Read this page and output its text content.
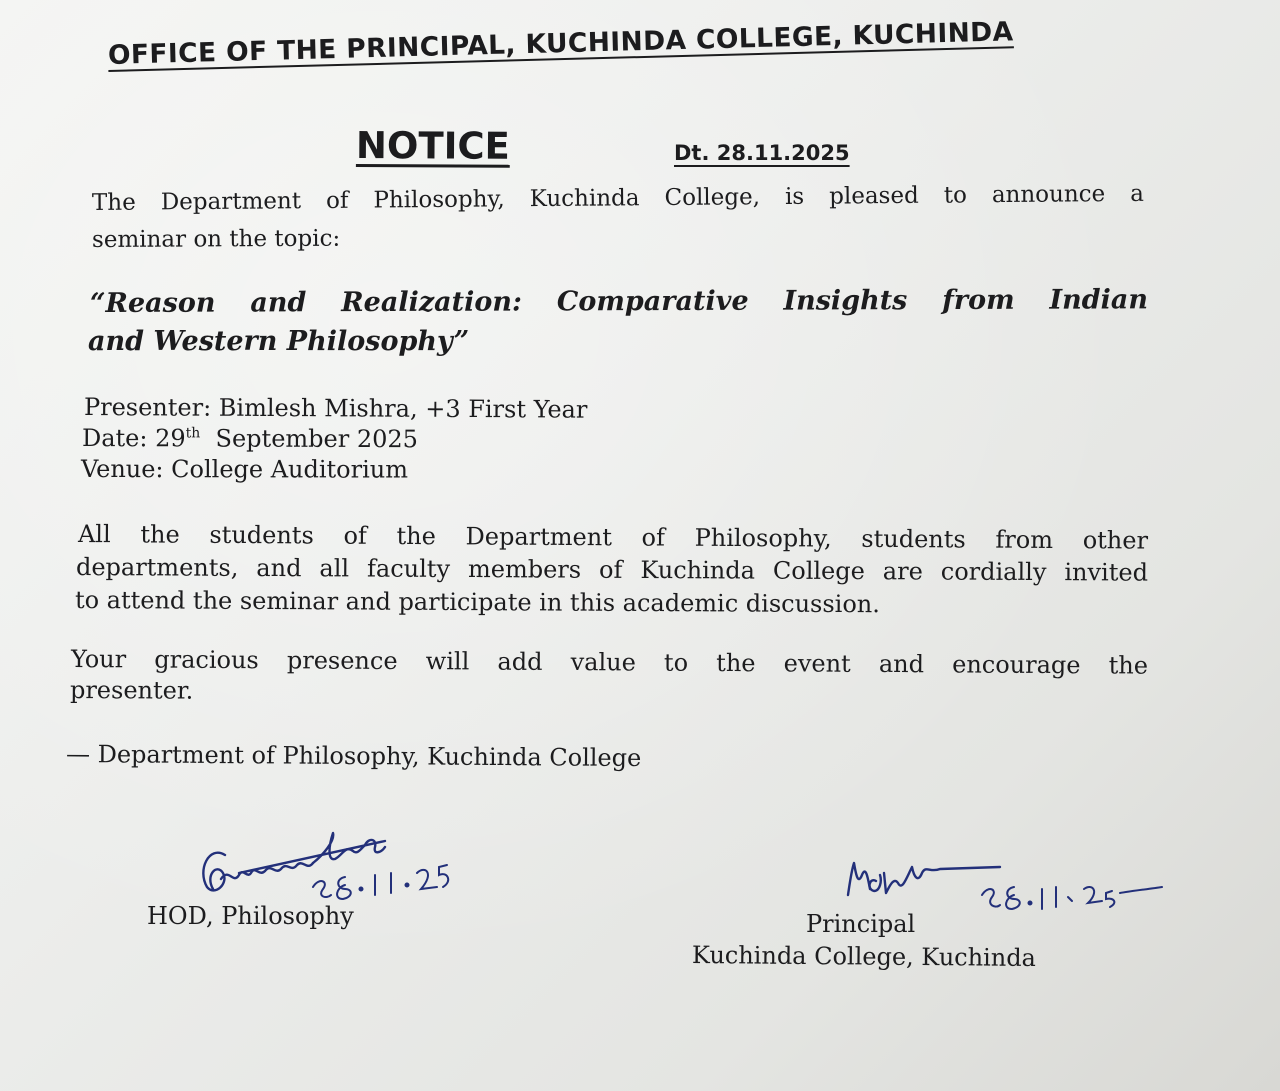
OFFICE OF THE PRINCIPAL, KUCHINDA COLLEGE, KUCHINDA
NOTICE	Dt. 28.11.2025
The Department of Philosophy, Kuchinda College, is pleased to announce a
seminar on the topic:
“Reason and Realization: Comparative Insights from Indian
and Western Philosophy”
Presenter: Bimlesh Mishra, +3 First Year
Date: 29th  September 2025
Venue: College Auditorium
All the students of the Department of Philosophy, students from other
departments, and all faculty members of Kuchinda College are cordially invited
to attend the seminar and participate in this academic discussion.
Your gracious presence will add value to the event and encourage the
presenter.
— Department of Philosophy, Kuchinda College
HOD, Philosophy	Principal
Kuchinda College, Kuchinda
